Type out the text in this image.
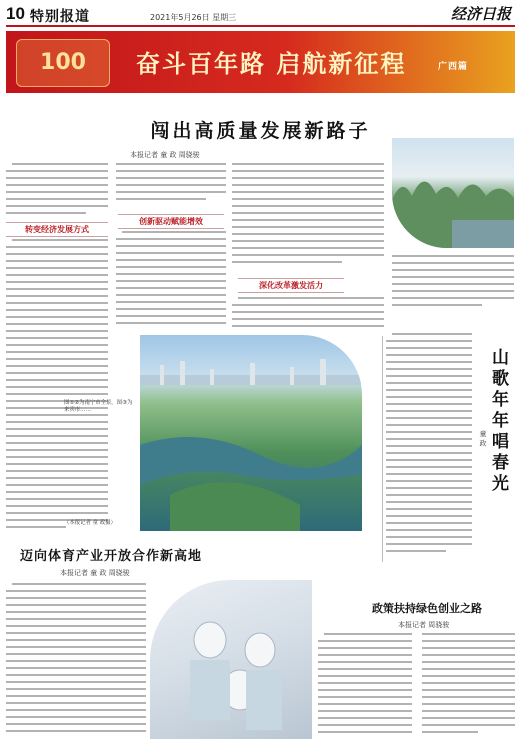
10 特别报道	2021年5月26日 星期三	经济日报
100	奋斗百年路 启航新征程	广西篇
闯出高质量发展新路子
本报记者 童 政 周骁骏
转变经济发展方式
创新驱动赋能增效
深化改革激发活力
图①②为南宁市全景。图③为来宾市……
（本报记者 童 政摄）
山歌年年唱春光
童 政
迈向体育产业开放合作新高地
本报记者 童 政 周骁骏
政策扶持绿色创业之路
本报记者 周骁骏
